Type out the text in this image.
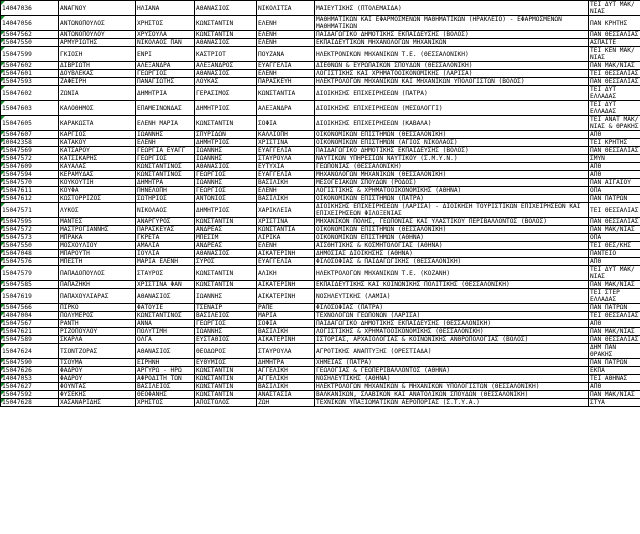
14047036	ΑΝΑΓΝΟΥ	ΗΛΙΑΝΑ	ΑΘΑΝΑΣΙΟΣ	ΝΙΚΟΛΙΤΣΑ	ΜΑΙΕΥΤΙΚΗΣ (ΠΤΟΛΕΜΑΙΔΑ)	ΤΕΙ ΔΥΤ ΜΑΚ/ΝΙΑΣ

14047056	ΑΝΤΩΝΟΠΟΥΛΟΣ	ΧΡΗΣΤΟΣ	ΚΩΝΣΤΑΝΤΙΝ	ΕΛΕΝΗ	ΜΑΘΗΜΑΤΙΚΩΝ ΚΑΙ ΕΦΑΡΜΟΣΜΕΝΩΝ ΜΑΘΗΜΑΤΙΚΩΝ (ΗΡΑΚΛΕΙΟ) - ΕΦΑΡΜΟΣΜΕΝΩΝ ΜΑΘΗΜΑΤΙΚΩΝ	ΠΑΝ ΚΡΗΤΗΣ

15047562	ΑΝΤΩΝΟΠΟΥΛΟΥ	ΧΡΥΣΟΥΛΑ	ΚΩΝΣΤΑΝΤΙΝ	ΕΛΕΝΗ	ΠΑΙΔΑΓΩΓΙΚΟ ΔΗΜΟΤΙΚΗΣ ΕΚΠΑΙΔΕΥΣΗΣ (ΒΟΛΟΣ)	ΠΑΝ ΘΕΣΣΑΛΙΑΣ

15047550	ΑΡΜΥΡΙΩΤΗΣ	ΝΙΚΟΛΑΟΣ ΠΑΝ	ΑΘΑΝΑΣΙΟΣ	ΕΛΕΝΗ	ΕΚΠΑΙΔΕΥΤΙΚΩΝ ΜΗΧΑΝΟΛΟΓΩΝ ΜΗΧΑΝΙΚΩΝ	ΑΣΠΑΙΤΕ

15047599	ΓΚΙΟΣΗ	ΕΝΡΙ	ΚΑΣΤΡΙΟΤ	ΠΟΥΖΑΝΑ	ΗΛΕΚΤΡΟΝΙΚΩΝ ΜΗΧΑΝΙΚΩΝ Τ.Ε. (ΘΕΣΣΑΛΟΝΙΚΗ)	ΤΕΙ ΚΕΝ ΜΑΚ/ΝΙΑΣ

15047602	ΔΙΒΡΙΩΤΗ	ΑΛΕΞΑΝΔΡΑ	ΑΛΕΞΑΝΔΡΟΣ	ΕΥΑΓΓΕΛΙΑ	ΔΙΕΘΝΩΝ & ΕΥΡΩΠΑΪΚΩΝ ΣΠΟΥΔΩΝ (ΘΕΣΣΑΛΟΝΙΚΗ)	ΠΑΝ ΜΑΚ/ΝΙΑΣ

15047601	ΔΟΥΒΛΕΚΑΣ	ΓΕΩΡΓΙΟΣ	ΑΘΑΝΑΣΙΟΣ	ΕΛΕΝΗ	ΛΟΓΙΣΤΙΚΗΣ ΚΑΙ ΧΡΗΜΑΤΟΟΙΚΟΝΟΜΙΚΗΣ (ΛΑΡΙΣΑ)	ΤΕΙ ΘΕΣΣΑΛΙΑΣ

15047593	ΖΑΦΕΙΡΗ	ΠΑΝΑΓΙΩΤΗΣ	ΛΟΥΚΑΣ	ΠΑΡΑΣΚΕΥΗ	ΗΛΕΚΤΡΟΛΟΓΩΝ ΜΗΧΑΝΙΚΩΝ ΚΑΙ ΜΗΧΑΝΙΚΩΝ ΥΠΟΛΟΓΙΣΤΩΝ (ΒΟΛΟΣ)	ΠΑΝ ΘΕΣΣΑΛΙΑΣ

15047602	ΖΩΝΙΑ	ΔΗΜΗΤΡΙΑ	ΓΕΡΑΣΙΜΟΣ	ΚΩΝΣΤΑΝΤΙΑ	ΔΙΟΙΚΗΣΗΣ ΕΠΙΧΕΙΡΗΣΕΩΝ (ΠΑΤΡΑ)	ΤΕΙ ΔΥΤ ΕΛΛΑΔΑΣ

15047603	ΚΑΛΟΘΗΜΟΣ	ΕΠΑΜΕΙΝΩΝΔΑΣ	ΔΗΜΗΤΡΙΟΣ	ΑΛΕΞΑΝΔΡΑ	ΔΙΟΙΚΗΣΗΣ ΕΠΙΧΕΙΡΗΣΕΩΝ (ΜΕΣΟΛΟΓΓΙ)	ΤΕΙ ΔΥΤ ΕΛΛΑΔΑΣ

15047605	ΚΑΡΑΚΩΣΤΑ	ΕΛΕΝΗ ΜΑΡΙΑ	ΚΩΝΣΤΑΝΤΙΝ	ΣΟΦΙΑ	ΔΙΟΙΚΗΣΗΣ ΕΠΙΧΕΙΡΗΣΕΩΝ (ΚΑΒΑΛΑ)	ΤΕΙ ΑΝΑΤ ΜΑΚ/ΝΙΑΣ & ΘΡΑΚΗΣ

15047607	ΚΑΡΓΙΟΣ	ΙΩΑΝΝΗΣ	ΣΠΥΡΙΔΩΝ	ΚΑΛΛΙΟΠΗ	ΟΙΚΟΝΟΜΙΚΩΝ ΕΠΙΣΤΗΜΩΝ (ΘΕΣΣΑΛΟΝΙΚΗ)	ΑΠΘ

10042358	ΚΑΤΑΚΟΥ	ΕΛΕΝΗ	ΔΗΜΗΤΡΙΟΣ	ΧΡΙΣΤΙΝΑ	ΟΙΚΟΝΟΜΙΚΩΝ ΕΠΙΣΤΗΜΩΝ (ΑΓΙΟΣ ΝΙΚΟΛΑΟΣ)	ΤΕΙ ΚΡΗΤΗΣ

15047569	ΚΑΤΣΑΡΟΥ	ΓΕΩΡΓΙΑ ΕΥΑΓΓ	ΙΩΑΝΝΗΣ	ΕΥΑΓΓΕΛΙΑ	ΠΑΙΔΑΓΩΓΙΚΟ ΔΗΜΟΤΙΚΗΣ ΕΚΠΑΙΔΕΥΣΗΣ (ΒΟΛΟΣ)	ΠΑΝ ΘΕΣΣΑΛΙΑΣ

15047572	ΚΑΤΣΙΚΑΡΗΣ	ΓΕΩΡΓΙΟΣ	ΙΩΑΝΝΗΣ	ΣΤΑΥΡΟΥΛΑ	ΝΑΥΤΙΚΩΝ ΥΠΗΡΕΣΙΩΝ ΝΑΥΤΙΚΟΥ (Σ.Μ.Υ.Ν.)	ΣΜΥΝ

15047609	ΚΑΥΑΛΑΣ	ΚΩΝΣΤΑΝΤΙΝΟΣ	ΑΘΑΝΑΣΙΟΣ	ΕΥΤΥΧΙΑ	ΓΕΩΠΟΝΙΑΣ (ΘΕΣΣΑΛΟΝΙΚΗ)	ΑΠΘ

15047594	ΚΕΡΑΜΥΔΑΣ	ΚΩΝΣΤΑΝΤΙΝΟΣ	ΓΕΩΡΓΙΟΣ	ΕΥΑΓΓΕΛΙΑ	ΜΗΧΑΝΟΛΟΓΩΝ ΜΗΧΑΝΙΚΩΝ (ΘΕΣΣΑΛΟΝΙΚΗ)	ΑΠΘ

15047570	ΚΟΥΚΟΥΤΙΗ	ΔΗΜΗΤΡΑ	ΙΩΑΝΝΗΣ	ΒΑΣΙΛΙΚΗ	ΜΕΣΟΓΕΙΑΚΩΝ ΣΠΟΥΔΩΝ (ΡΟΔΟΣ)	ΠΑΝ ΑΙΓΑΙΟΥ

15047611	ΚΟΥΦΑ	ΠΗΝΕΛΟΠΗ	ΓΕΩΡΓΙΟΣ	ΕΛΕΝΗ	ΛΟΓΙΣΤΙΚΗΣ & ΧΡΗΜΑΤΟΟΙΚΟΝΟΜΙΚΗΣ (ΑΘΗΝΑ)	ΟΠΑ

15047612	ΚΩΣΤΟΡΡΙΖΟΣ	ΣΩΤΗΡΙΟΣ	ΑΝΤΩΝΙΟΣ	ΒΑΣΙΛΙΚΗ	ΟΙΚΟΝΟΜΙΚΩΝ ΕΠΙΣΤΗΜΩΝ (ΠΑΤΡΑ)	ΠΑΝ ΠΑΤΡΩΝ

15047571	ΛΥΚΟΣ	ΝΙΚΟΛΑΟΣ	ΔΗΜΗΤΡΙΟΣ	ΧΑΡΙΚΛΕΙΑ	ΔΙΟΙΚΗΣΗΣ ΕΠΙΧΕΙΡΗΣΕΩΝ (ΛΑΡΙΣΑ) - ΔΙΟΙΚΗΣΗ ΤΟΥΡΙΣΤΙΚΩΝ ΕΠΙΧΕΙΡΗΣΕΩΝ ΚΑΙ ΕΠΙΧΕΙΡΗΣΕΩΝ ΦΙΛΟΞΕΝΙΑΣ	ΤΕΙ ΘΕΣΣΑΛΙΑΣ

15047595	ΜΑΝΤΕΣ	ΑΝΑΡΓΥΡΟΣ	ΚΩΝΣΤΑΝΤΙΝ	ΧΡΙΣΤΙΝΑ	ΜΗΧΑΝΙΚΩΝ ΠΟΛΗΣ, ΓΕΩΠΟΝΙΑΣ ΚΑΙ ΥΛΑΣΤΙΚΟΥ ΠΕΡΙΒΑΛΛΟΝΤΟΣ (ΒΟΛΟΣ)	ΠΑΝ ΘΕΣΣΑΛΙΑΣ

15047572	ΜΑΣΤΡΟΓΙΑΝΝΗΣ	ΠΑΡΑΣΚΕΥΑΣ	ΑΝΔΡΕΑΣ	ΚΩΝΣΤΑΝΤΙΑ	ΟΙΚΟΝΟΜΙΚΩΝ ΕΠΙΣΤΗΜΩΝ (ΘΕΣΣΑΛΟΝΙΚΗ)	ΠΑΝ ΜΑΚ/ΝΙΑΣ

15047573	ΜΠΡΑΚΑ	ΓΚΡΕΤΑ	ΜΠΕΣΙΜ	ΛΙΡΙΚΑ	ΟΙΚΟΝΟΜΙΚΩΝ ΕΠΙΣΤΗΜΩΝ (ΑΘΗΝΑ)	ΟΠΑ

15047550	ΜΟΣΧΟΥΛΙΟΥ	ΑΜΑΛΙΑ	ΑΝΔΡΕΑΣ	ΕΛΕΝΗ	ΑΙΣΘΗΤΙΚΗΣ & ΚΟΣΜΗΤΟΛΟΓΙΑΣ (ΑΘΗΝΑ)	ΤΕΙ ΘΕΣ/ΚΗΣ

15047048	ΜΠΑΡΟΥΤΗ	ΙΟΥΛΙΑ	ΑΘΑΝΑΣΙΟΣ	ΑΙΚΑΤΕΡΙΝΗ	ΔΗΜΟΣΙΑΣ ΔΙΟΙΚΗΣΗΣ (ΑΘΗΝΑ)	ΠΑΝΤΕΙΟ

15047576	ΜΠΕΣΤΗ	ΜΑΡΙΑ ΕΛΕΝΗ	ΣΥΡΟΣ	ΕΥΑΓΓΕΛΙΑ	ΦΙΛΟΣΟΦΙΑΣ & ΠΑΙΔΑΓΩΓΙΚΗΣ (ΘΕΣΣΑΛΟΝΙΚΗ)	ΑΠΘ

15047579	ΠΑΠΑΔΟΠΟΥΛΟΣ	ΣΤΑΥΡΟΣ	ΚΩΝΣΤΑΝΤΙΝ	ΑΛΙΚΗ	ΗΛΕΚΤΡΟΛΟΓΩΝ ΜΗΧΑΝΙΚΩΝ Τ.Ε. (ΚΟΖΑΝΗ)	ΤΕΙ ΔΥΤ ΜΑΚ/ΝΙΑΣ

15047585	ΠΑΠΑΖΗΚΗ	ΧΡΙΣΤΙΝΑ ΦΑΝ	ΚΩΝΣΤΑΝΤΙΝ	ΑΙΚΑΤΕΡΙΝΗ	ΕΚΠΑΙΔΕΥΤΙΚΗΣ ΚΑΙ ΚΟΙΝΩΝΙΚΗΣ ΠΟΛΙΤΙΚΗΣ (ΘΕΣΣΑΛΟΝΙΚΗ)	ΠΑΝ ΜΑΚ/ΝΙΑΣ

15047619	ΠΑΠΑΧΟΥΛΙΑΡΑΣ	ΑΘΑΝΑΣΙΟΣ	ΙΩΑΝΝΗΣ	ΑΙΚΑΤΕΡΙΝΗ	ΝΟΣΗΛΕΥΤΙΚΗΣ (ΛΑΜΙΑ)	ΤΕΙ ΣΤΕΡ ΕΛΛΑΔΑΣ

15047566	ΠΙΡΚΟ	ΦΑΤΟΥΙΕ	ΤΣΕΝΑΙΡ	ΡΑΠΕ	ΦΙΛΟΣΟΦΙΑΣ (ΠΑΤΡΑ)	ΠΑΝ ΠΑΤΡΩΝ

14047004	ΠΟΛΥΜΕΡΟΣ	ΚΩΝΣΤΑΝΤΙΝΟΣ	ΒΑΣΙΛΕΙΟΣ	ΜΑΡΙΑ	ΤΕΧΝΟΛΟΓΩΝ ΓΕΩΠΟΝΩΝ (ΛΑΡΙΣΑ)	ΤΕΙ ΘΕΣΣΑΛΙΑΣ

15047567	ΡΑΝΤΗ	ΑΝΝΑ	ΓΕΩΡΓΙΟΣ	ΣΟΦΙΑ	ΠΑΙΔΑΓΩΓΙΚΟ ΔΗΜΟΤΙΚΗΣ ΕΚΠΑΙΔΕΥΣΗΣ (ΘΕΣΣΑΛΟΝΙΚΗ)	ΑΠΘ

15047621	ΡΙΖΟΠΟΥΛΟΥ	ΠΟΛΥΤΙΜΗ	ΙΩΑΝΝΗΣ	ΒΑΣΙΛΙΚΗ	ΛΟΓΙΣΤΙΚΗΣ & ΧΡΗΜΑΤΟΟΙΚΟΝΟΜΙΚΗΣ (ΘΕΣΣΑΛΟΝΙΚΗ)	ΠΑΝ ΜΑΚ/ΝΙΑΣ

15047589	ΣΚΑΡΛΑ	ΟΛΓΑ	ΕΥΣΤΑΘΙΟΣ	ΑΙΚΑΤΕΡΙΝΗ	ΙΣΤΟΡΙΑΣ, ΑΡΧΑΙΟΛΟΓΙΑΣ & ΚΟΙΝΩΝΙΚΗΣ ΑΝΘΡΩΠΟΛΟΓΙΑΣ (ΒΟΛΟΣ)	ΠΑΝ ΘΕΣΣΑΛΙΑΣ

15047624	ΤΣΟΝΤΖΟΡΑΣ	ΑΘΑΝΑΣΙΟΣ	ΘΕΟΔΩΡΟΣ	ΣΤΑΥΡΟΥΛΑ	ΑΓΡΟΤΙΚΗΣ ΑΝΑΠΤΥΞΗΣ (ΟΡΕΣΤΙΑΔΑ)	ΔΗΜ ΠΑΝ ΘΡΑΚΗΣ

15047590	ΤΣΟΥΜΑ	ΕΙΡΗΝΗ	ΕΥΘΥΜΙΟΣ	ΔΗΜΗΤΡΑ	ΧΗΜΕΙΑΣ (ΠΑΤΡΑ)	ΠΑΝ ΠΑΤΡΩΝ

15047626	ΦΑΔΡΟΥ	ΑΡΓΥΡΩ - ΗΡΩ	ΚΩΝΣΤΑΝΤΙΝ	ΑΓΓΕΛΙΚΗ	ΓΕΩΛΟΓΙΑΣ & ΓΕΩΠΕΡΙΒΑΛΛΟΝΤΟΣ (ΑΘΗΝΑ)	ΕΚΠΑ

14047053	ΦΑΔΡΟΥ	ΑΦΡΟΔΙΤΗ ΤΩΝ	ΚΩΝΣΤΑΝΤΙΝ	ΑΓΓΕΛΙΚΗ	ΝΟΣΗΛΕΥΤΙΚΗΣ (ΑΘΗΝΑ)	ΤΕΙ ΑΘΗΝΑΣ

15047627	ΦΟΥΝΤΑΣ	ΒΑΣΙΛΕΙΟΣ	ΚΩΝΣΤΑΝΤΙΝ	ΒΑΣΙΛΙΚΗ	ΗΛΕΚΤΡΟΛΟΓΩΝ ΜΗΧΑΝΙΚΩΝ & ΜΗΧΑΝΙΚΩΝ ΥΠΟΛΟΓΙΣΤΩΝ (ΘΕΣΣΑΛΟΝΙΚΗ)	ΑΠΘ

15047592	ΦΥΣΕΚΗΣ	ΘΕΟΦΑΝΗΣ	ΚΩΝΣΤΑΝΤΙΝ	ΑΝΑΣΤΑΣΙΑ	ΒΑΛΚΑΝΙΚΩΝ, ΣΛΑΒΙΚΩΝ ΚΑΙ ΑΝΑΤΟΛΙΚΩΝ ΣΠΟΥΔΩΝ (ΘΕΣΣΑΛΟΝΙΚΗ)	ΠΑΝ ΜΑΚ/ΝΙΑΣ

15047628	ΧΑΣΑΝΑΡΙΔΗΣ	ΧΡΗΣΤΟΣ	ΑΠΟΣΤΟΛΟΣ	ΖΩΗ	ΤΕΧΝΙΚΩΝ ΥΠΑΞΙΩΜΑΤΙΚΩΝ ΑΕΡΟΠΟΡΙΑΣ (Σ.Τ.Υ.Α.)	ΣΤΥΑ
